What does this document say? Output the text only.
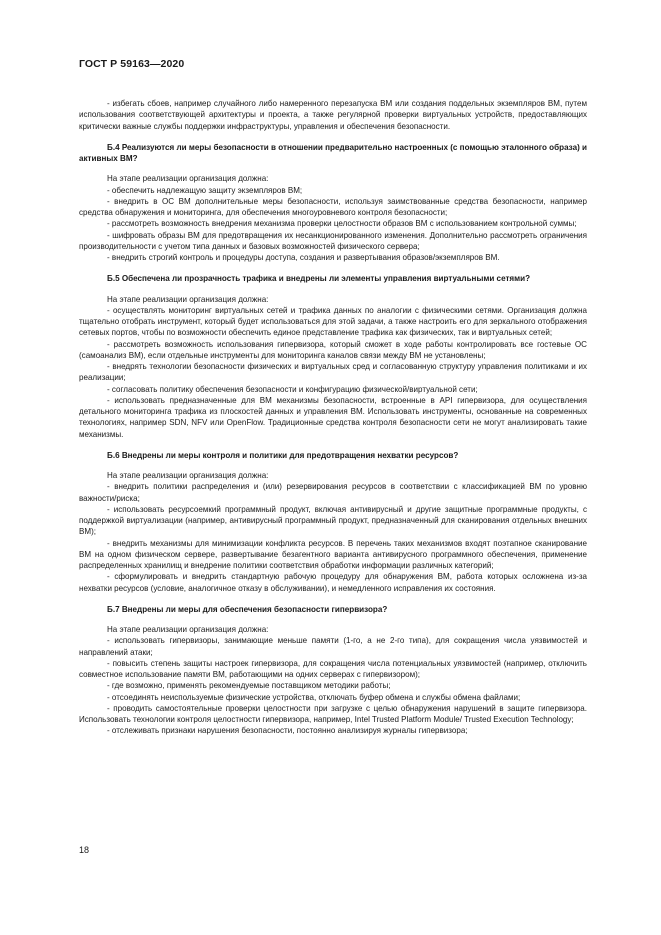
ГОСТ Р 59163—2020

- избегать сбоев, например случайного либо намеренного перезапуска ВМ или создания поддельных экземпляров ВМ, путем использования соответствующей архитектуры и проекта, а также регулярной проверки виртуальных устройств, предоставляющих критически важные службы поддержки инфраструктуры, управления и обеспечения безопасности.

Б.4 Реализуются ли меры безопасности в отношении предварительно настроенных (с помощью эталонного образа) и активных ВМ?

На этапе реализации организация должна:

- обеспечить надлежащую защиту экземпляров ВМ;

- внедрить в ОС ВМ дополнительные меры безопасности, используя заимствованные средства безопасности, например средства обнаружения и мониторинга, для обеспечения многоуровневого контроля безопасности;

- рассмотреть возможность внедрения механизма проверки целостности образов ВМ с использованием контрольной суммы;

- шифровать образы ВМ для предотвращения их несанкционированного изменения. Дополнительно рассмотреть ограничения производительности с учетом типа данных и базовых возможностей физического сервера;

- внедрить строгий контроль и процедуры доступа, создания и развертывания образов/экземпляров ВМ.

Б.5 Обеспечена ли прозрачность трафика и внедрены ли элементы управления виртуальными сетями?

На этапе реализации организация должна:

- осуществлять мониторинг виртуальных сетей и трафика данных по аналогии с физическими сетями. Организация должна тщательно отобрать инструмент, который будет использоваться для этой задачи, а также настроить его для зеркального отображения сетевых портов, чтобы по возможности обеспечить единое представление трафика как физических, так и виртуальных сетей;

- рассмотреть возможность использования гипервизора, который сможет в ходе работы контролировать все гостевые ОС (самоанализ ВМ), если отдельные инструменты для мониторинга каналов связи между ВМ не установлены;

- внедрять технологии безопасности физических и виртуальных сред и согласованную структуру управления политиками и их реализации;

- согласовать политику обеспечения безопасности и конфигурацию физической/виртуальной сети;

- использовать предназначенные для ВМ механизмы безопасности, встроенные в API гипервизора, для осуществления детального мониторинга трафика из плоскостей данных и управления ВМ. Использовать инструменты, основанные на современных технологиях, например SDN, NFV или OpenFlow. Традиционные средства контроля безопасности сети не могут анализировать такие механизмы.

Б.6 Внедрены ли меры контроля и политики для предотвращения нехватки ресурсов?

На этапе реализации организация должна:

- внедрить политики распределения и (или) резервирования ресурсов в соответствии с классификацией ВМ по уровню важности/риска;

- использовать ресурсоемкий программный продукт, включая антивирусный и другие защитные программные продукты, с поддержкой виртуализации (например, антивирусный программный продукт, предназначенный для сканирования отдельных внешних ВМ);

- внедрить механизмы для минимизации конфликта ресурсов. В перечень таких механизмов входят поэтапное сканирование ВМ на одном физическом сервере, развертывание безагентного варианта антивирусного программного обеспечения, применение распределенных хранилищ и внедрение политики соответствия обработки информации различных категорий;

- сформулировать и внедрить стандартную рабочую процедуру для обнаружения ВМ, работа которых осложнена из-за нехватки ресурсов (условие, аналогичное отказу в обслуживании), и немедленного исправления их состояния.

Б.7 Внедрены ли меры для обеспечения безопасности гипервизора?

На этапе реализации организация должна:

- использовать гипервизоры, занимающие меньше памяти (1-го, а не 2-го типа), для сокращения числа уязвимостей и направлений атаки;

- повысить степень защиты настроек гипервизора, для сокращения числа потенциальных уязвимостей (например, отключить совместное использование памяти ВМ, работающими на одних серверах с гипервизором);

- где возможно, применять рекомендуемые поставщиком методики работы;

- отсоединять неиспользуемые физические устройства, отключать буфер обмена и службы обмена файлами;

- проводить самостоятельные проверки целостности при загрузке с целью обнаружения нарушений в защите гипервизора. Использовать технологии контроля целостности гипервизора, например, Intel Trusted Platform Module/ Trusted Execution Technology;

- отслеживать признаки нарушения безопасности, постоянно анализируя журналы гипервизора;

18
